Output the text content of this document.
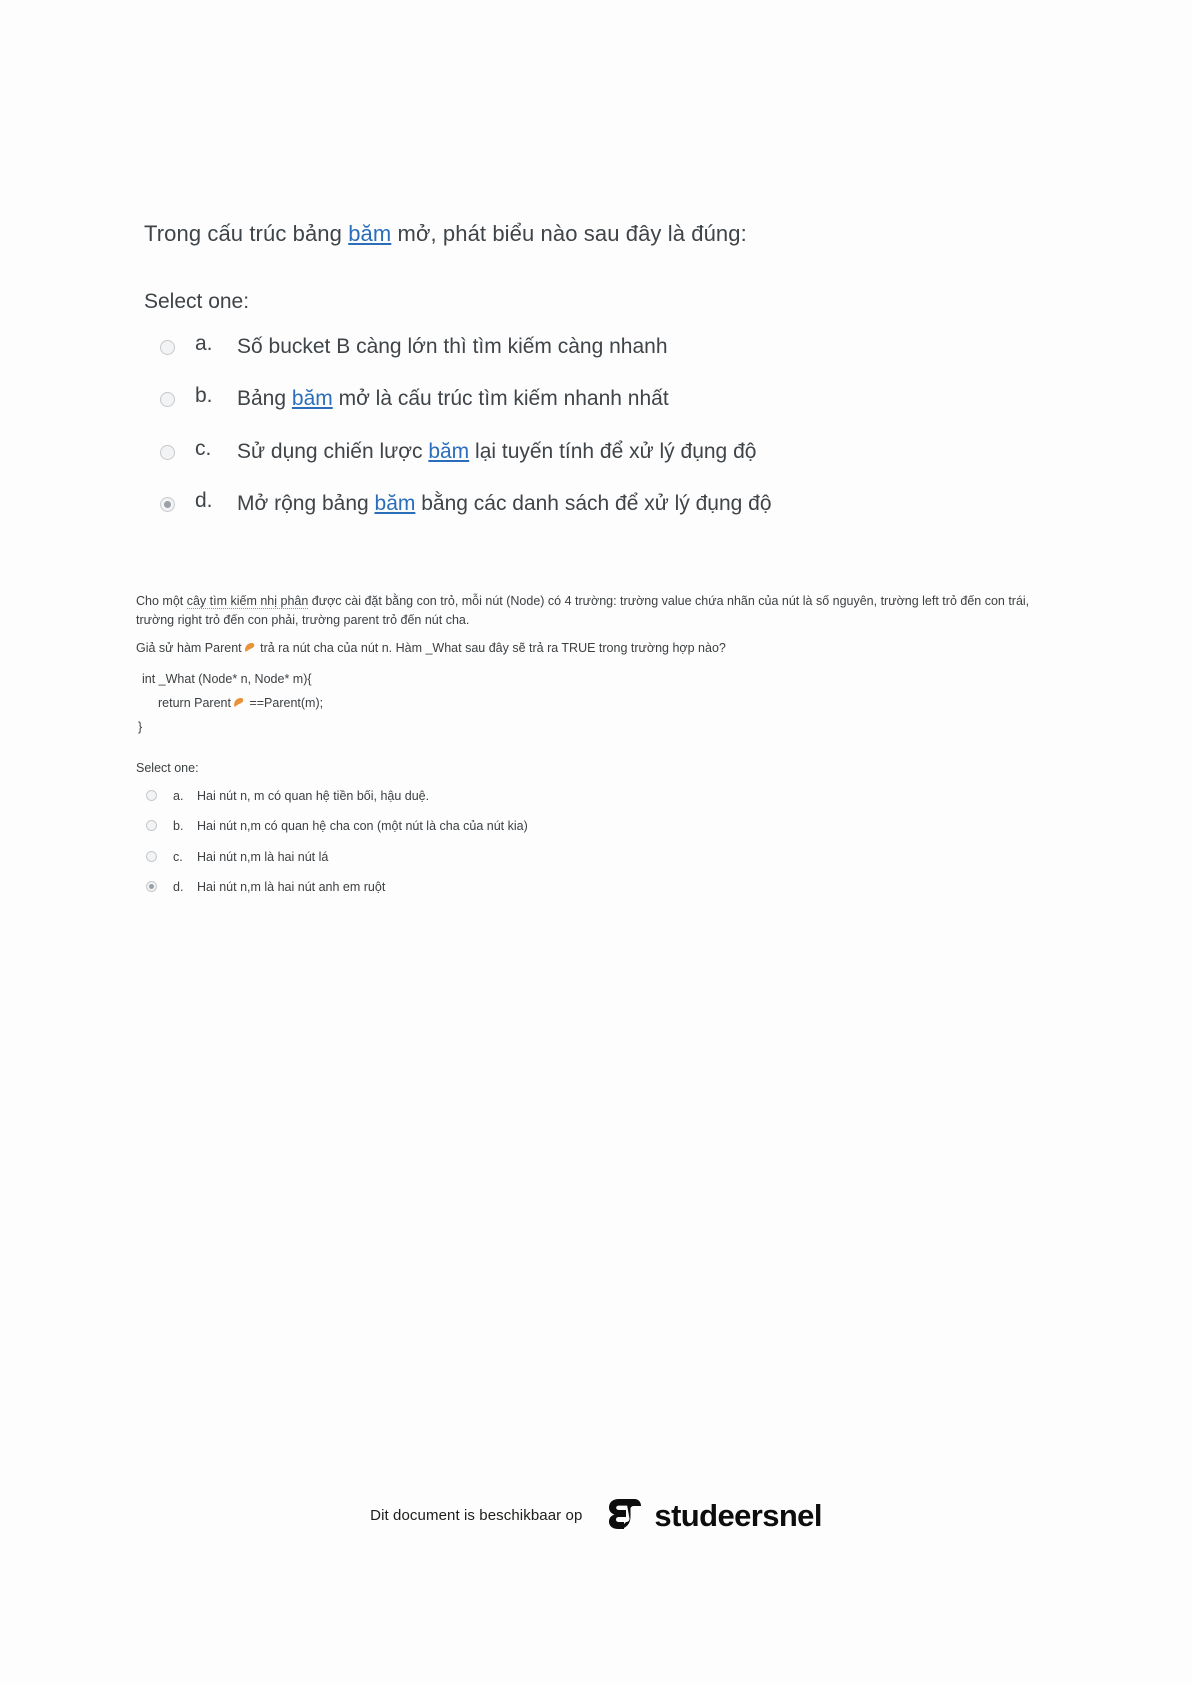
Trong cấu trúc bảng băm mở, phát biểu nào sau đây là đúng:
Select one:
a.	Số bucket B càng lớn thì tìm kiếm càng nhanh
b.	Bảng băm mở là cấu trúc tìm kiếm nhanh nhất
c.	Sử dụng chiến lược băm lại tuyến tính để xử lý đụng độ
d.	Mở rộng bảng băm bằng các danh sách để xử lý đụng độ

Cho một cây tìm kiếm nhị phân được cài đặt bằng con trỏ, mỗi nút (Node) có 4 trường: trường value chứa nhãn của nút là số nguyên, trường left trỏ đến con trái, trường right trỏ đến con phải, trường parent trỏ đến nút cha.

Giả sử hàm Parent trả ra nút cha của nút n. Hàm _What sau đây sẽ trả ra TRUE trong trường hợp nào?

int _What (Node* n, Node* m){
return Parent ==Parent(m);
}
Select one:
a.	Hai nút n, m có quan hệ tiền bối, hậu duệ.
b.	Hai nút n,m có quan hệ cha con (một nút là cha của nút kia)
c.	Hai nút n,m là hai nút lá
d.	Hai nút n,m là hai nút anh em ruột
Dit document is beschikbaar op studeersnel
